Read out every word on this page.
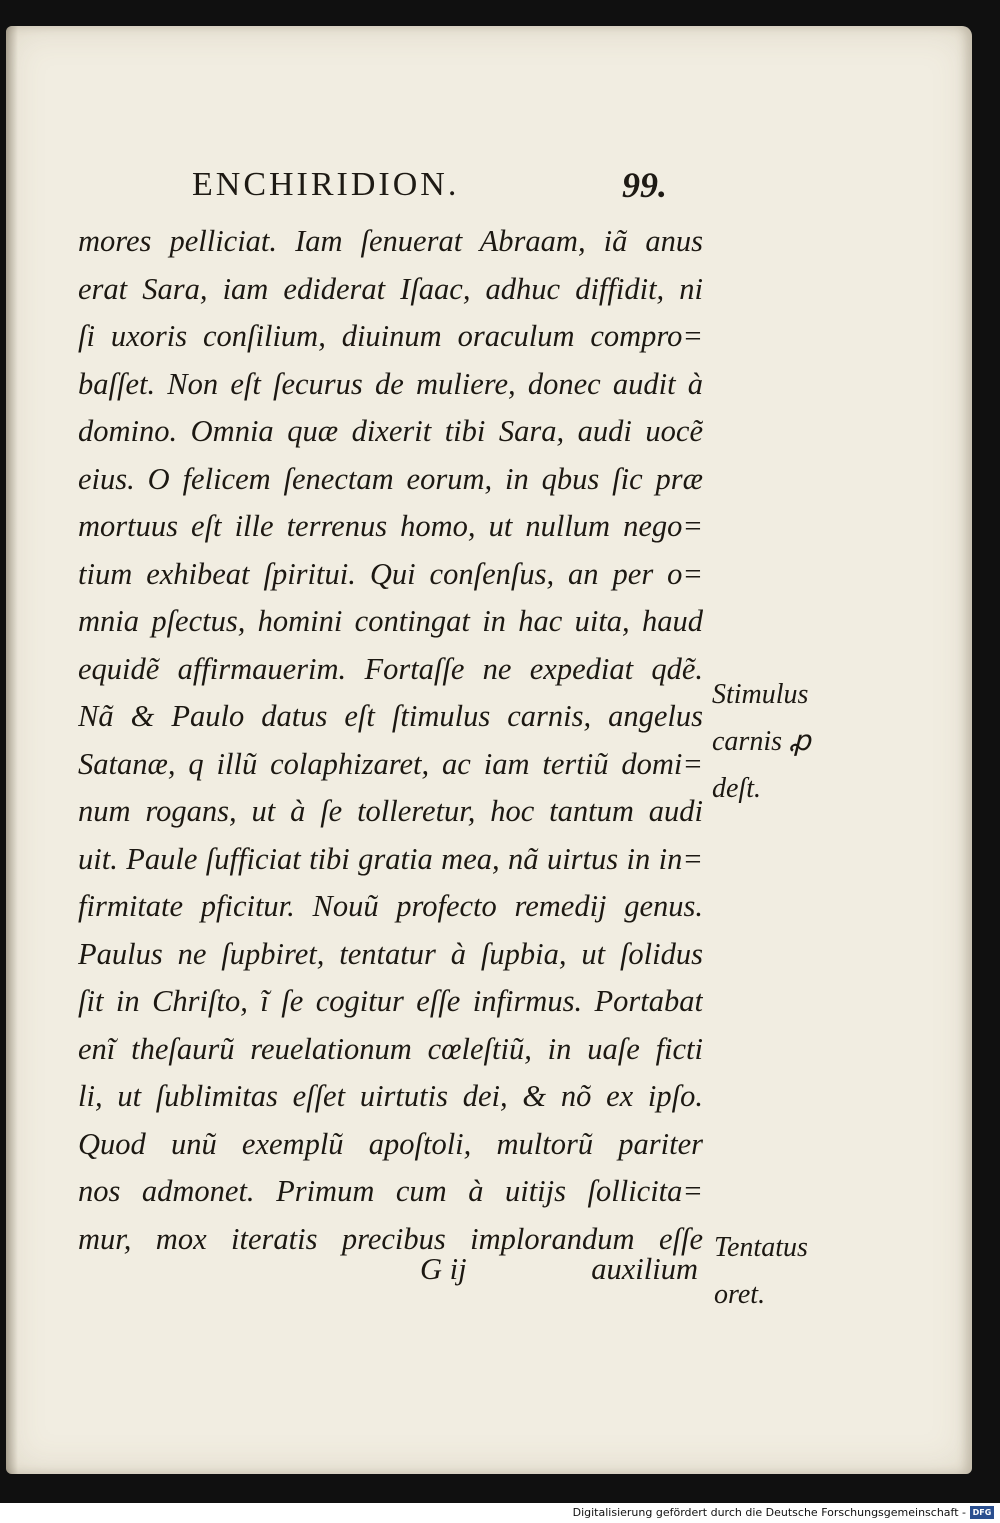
ENCHIRIDION.	99.
mores pelliciat. Iam ſenuerat Abraam, iã anus
erat Sara, iam ediderat Iſaac, adhuc diffidit, ni
ſi uxoris conſilium, diuinum oraculum compro=
baſſet. Non eſt ſecurus de muliere, donec audit à
domino. Omnia quæ dixerit tibi Sara, audi uocẽ
eius. O felicem ſenectam eorum, in qbus ſic præ
mortuus eſt ille terrenus homo, ut nullum nego=
tium exhibeat ſpiritui. Qui conſenſus, an per o=
mnia pſectus, homini contingat in hac uita, haud
equidẽ affirmauerim. Fortaſſe ne expediat qdẽ.
Nã & Paulo datus eſt ſtimulus carnis, angelus
Satanæ, q illũ colaphizaret, ac iam tertiũ domi=
num rogans, ut à ſe tolleretur, hoc tantum audi
uit. Paule ſufficiat tibi gratia mea, nã uirtus in in=
firmitate pficitur. Nouũ profecto remedij genus.
Paulus ne ſupbiret, tentatur à ſupbia, ut ſolidus
ſit in Chriſto, ĩ ſe cogitur eſſe infirmus. Portabat
enĩ theſaurũ reuelationum cœleſtiũ, in uaſe ficti
li, ut ſublimitas eſſet uirtutis dei, & nõ ex ipſo.
Quod unũ exemplũ apoſtoli, multorũ pariter
nos admonet. Primum cum à uitijs ſollicita=
mur, mox iteratis precibus implorandum eſſe
G ij	auxilium
Stimulus
carnis ꝓ
deſt.
Tentatus
oret.
Digitalisierung gefördert durch die Deutsche Forschungsgemeinschaft - DFG
